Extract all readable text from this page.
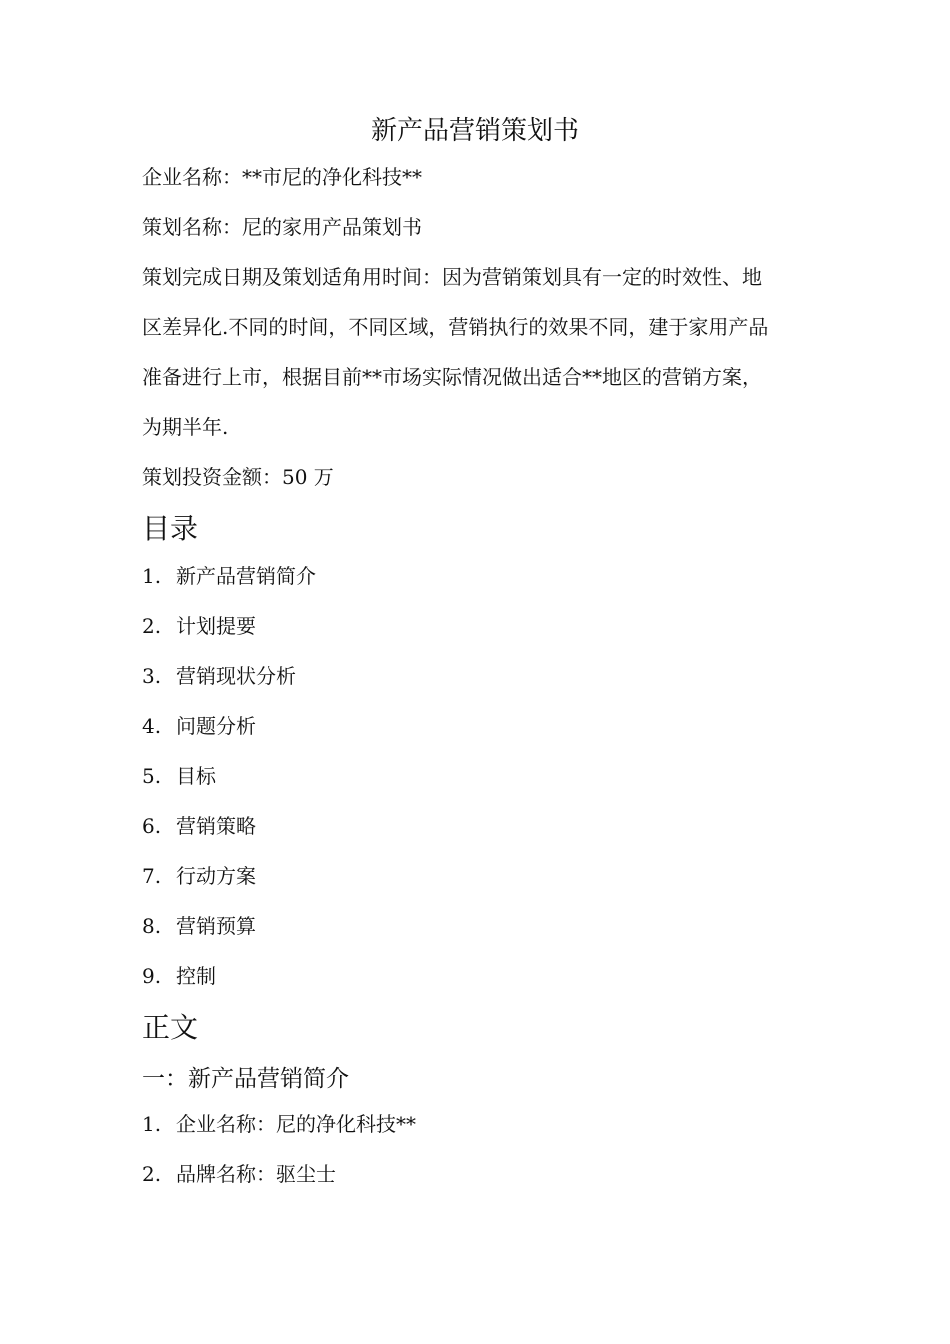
新产品营销策划书
企业名称：**市尼的净化科技**
策划名称：尼的家用产品策划书
策划完成日期及策划适角用时间：因为营销策划具有一定的时效性、地
区差异化.不同的时间，不同区域，营销执行的效果不同，建于家用产品
准备进行上市，根据目前**市场实际情况做出适合**地区的营销方案，
为期半年.
策划投资金额：50 万
目录
1. 新产品营销简介
2. 计划提要
3. 营销现状分析
4. 问题分析
5. 目标
6. 营销策略
7. 行动方案
8. 营销预算
9. 控制
正文
一：新产品营销简介
1. 企业名称：尼的净化科技**
2. 品牌名称：驱尘士
